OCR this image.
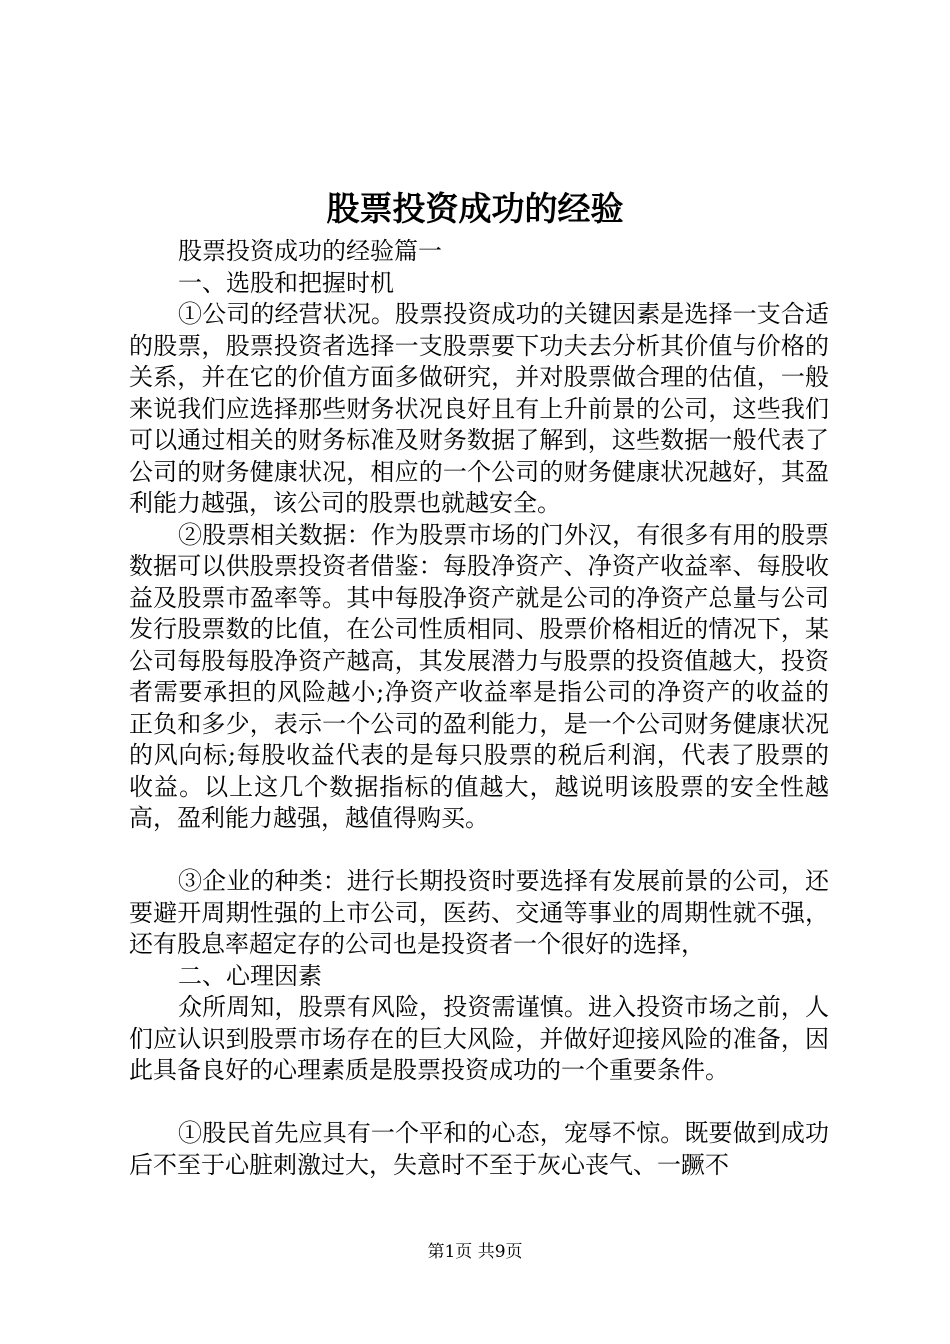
股票投资成功的经验

股票投资成功的经验篇一

一、选股和把握时机

①公司的经营状况。股票投资成功的关键因素是选择一支合适的股票，股票投资者选择一支股票要下功夫去分析其价值与价格的关系，并在它的价值方面多做研究，并对股票做合理的估值，一般来说我们应选择那些财务状况良好且有上升前景的公司，这些我们可以通过相关的财务标准及财务数据了解到，这些数据一般代表了公司的财务健康状况，相应的一个公司的财务健康状况越好，其盈利能力越强，该公司的股票也就越安全。

②股票相关数据：作为股票市场的门外汉，有很多有用的股票数据可以供股票投资者借鉴：每股净资产、净资产收益率、每股收益及股票市盈率等。其中每股净资产就是公司的净资产总量与公司发行股票数的比值，在公司性质相同、股票价格相近的情况下，某公司每股每股净资产越高，其发展潜力与股票的投资值越大，投资者需要承担的风险越小;净资产收益率是指公司的净资产的收益的正负和多少，表示一个公司的盈利能力，是一个公司财务健康状况的风向标;每股收益代表的是每只股票的税后利润，代表了股票的收益。以上这几个数据指标的值越大，越说明该股票的安全性越高，盈利能力越强，越值得购买。

③企业的种类：进行长期投资时要选择有发展前景的公司，还要避开周期性强的上市公司，医药、交通等事业的周期性就不强，还有股息率超定存的公司也是投资者一个很好的选择，

二、心理因素

众所周知，股票有风险，投资需谨慎。进入投资市场之前，人们应认识到股票市场存在的巨大风险，并做好迎接风险的准备，因此具备良好的心理素质是股票投资成功的一个重要条件。

①股民首先应具有一个平和的心态，宠辱不惊。既要做到成功后不至于心脏刺激过大，失意时不至于灰心丧气、一蹶不

第1页 共9页
